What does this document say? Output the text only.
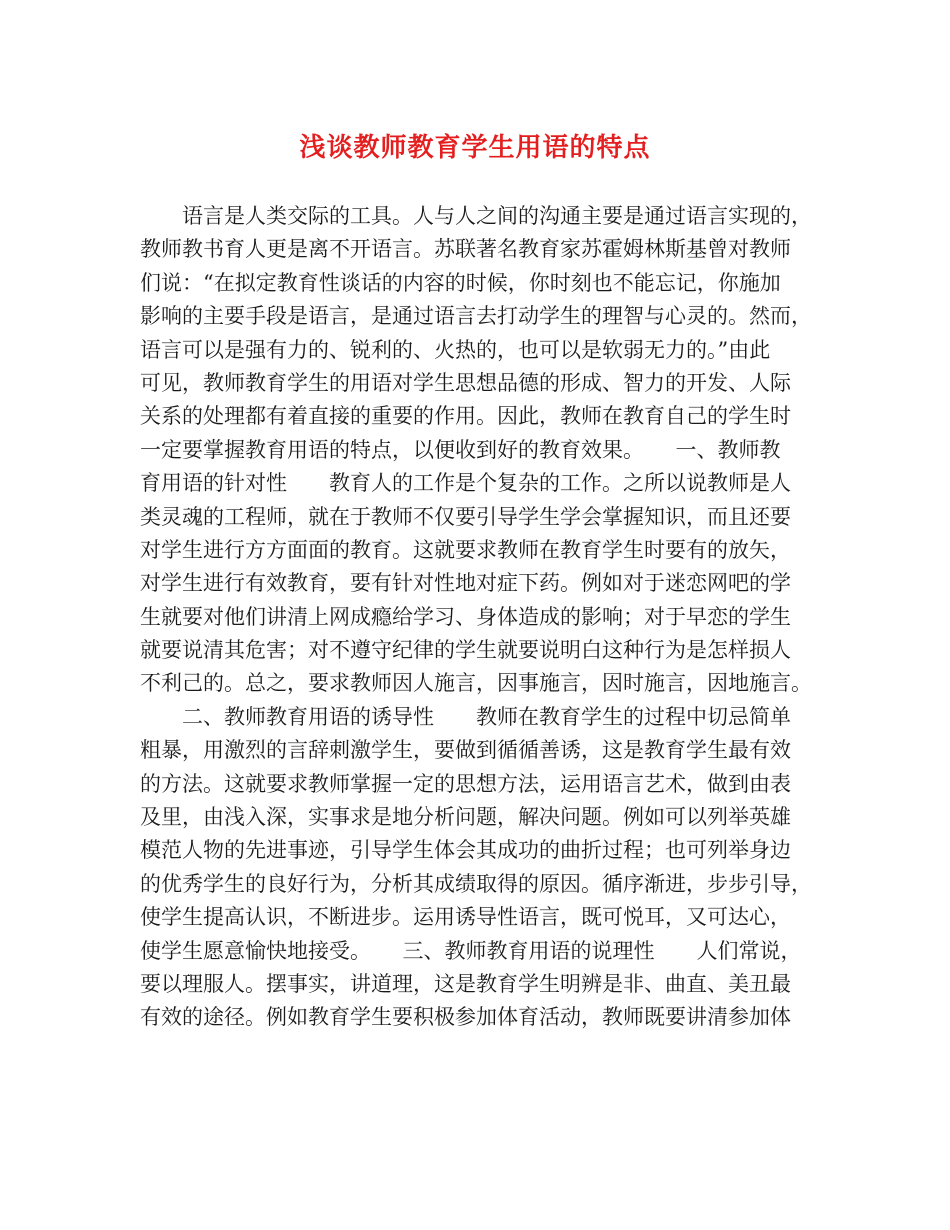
浅谈教师教育学生用语的特点
　　语言是人类交际的工具。人与人之间的沟通主要是通过语言实现的，
教师教书育人更是离不开语言。苏联著名教育家苏霍姆林斯基曾对教师
们说：“在拟定教育性谈话的内容的时候，你时刻也不能忘记，你施加
影响的主要手段是语言，是通过语言去打动学生的理智与心灵的。然而，
语言可以是强有力的、锐利的、火热的，也可以是软弱无力的。”由此
可见，教师教育学生的用语对学生思想品德的形成、智力的开发、人际
关系的处理都有着直接的重要的作用。因此，教师在教育自己的学生时
一定要掌握教育用语的特点，以便收到好的教育效果。　　一、教师教
育用语的针对性　　教育人的工作是个复杂的工作。之所以说教师是人
类灵魂的工程师，就在于教师不仅要引导学生学会掌握知识，而且还要
对学生进行方方面面的教育。这就要求教师在教育学生时要有的放矢，
对学生进行有效教育，要有针对性地对症下药。例如对于迷恋网吧的学
生就要对他们讲清上网成瘾给学习、身体造成的影响；对于早恋的学生
就要说清其危害；对不遵守纪律的学生就要说明白这种行为是怎样损人
不利己的。总之，要求教师因人施言，因事施言，因时施言，因地施言。
　　二、教师教育用语的诱导性　　教师在教育学生的过程中切忌简单
粗暴，用激烈的言辞刺激学生，要做到循循善诱，这是教育学生最有效
的方法。这就要求教师掌握一定的思想方法，运用语言艺术，做到由表
及里，由浅入深，实事求是地分析问题，解决问题。例如可以列举英雄
模范人物的先进事迹，引导学生体会其成功的曲折过程；也可列举身边
的优秀学生的良好行为，分析其成绩取得的原因。循序渐进，步步引导，
使学生提高认识，不断进步。运用诱导性语言，既可悦耳，又可达心，
使学生愿意愉快地接受。　　三、教师教育用语的说理性　　人们常说，
要以理服人。摆事实，讲道理，这是教育学生明辨是非、曲直、美丑最
有效的途径。例如教育学生要积极参加体育活动，教师既要讲清参加体
